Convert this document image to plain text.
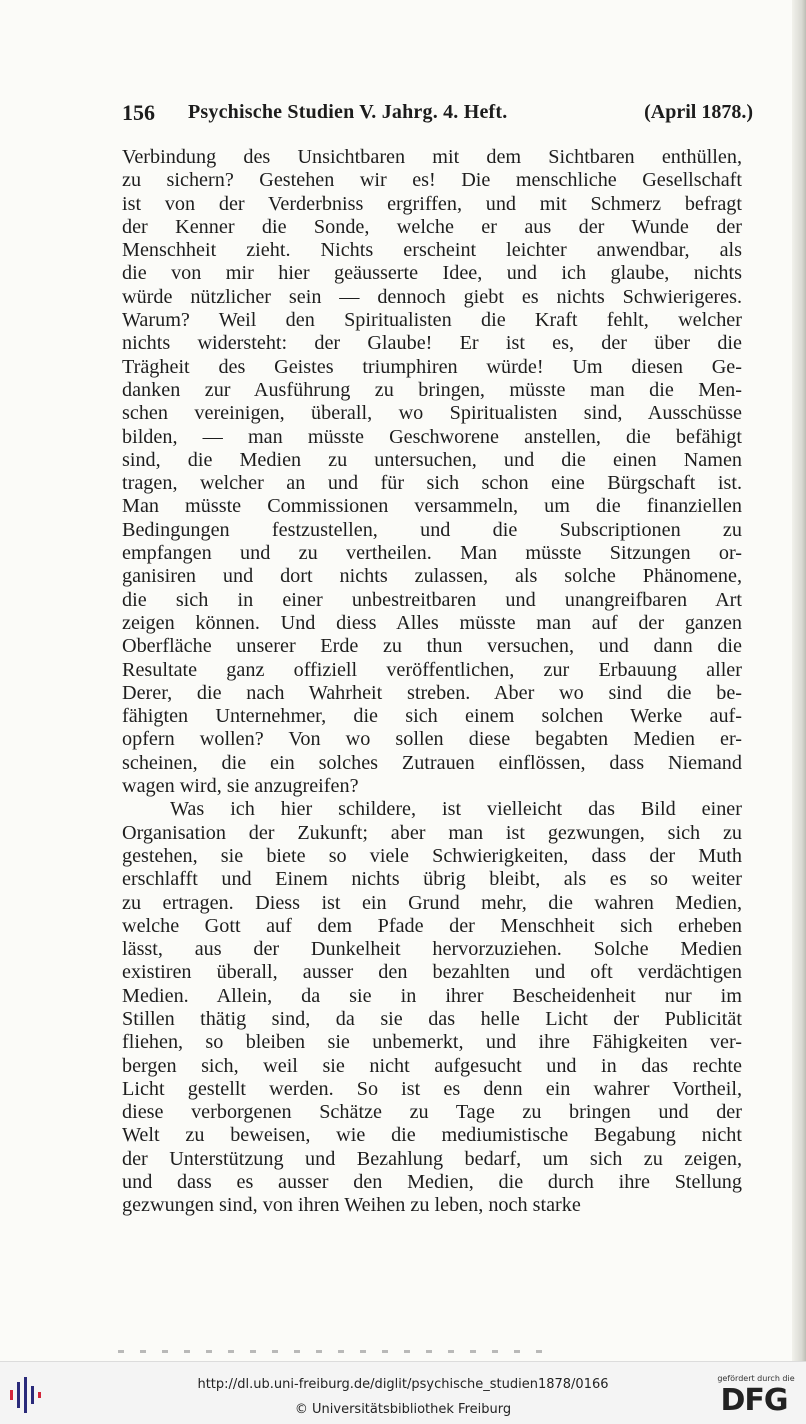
156 Psychische Studien V. Jahrg. 4. Heft.	(April 1878.)
Verbindung des Unsichtbaren mit dem Sichtbaren enthüllen,
zu sichern? Gestehen wir es! Die menschliche Gesellschaft
ist von der Verderbniss ergriffen, und mit Schmerz befragt
der Kenner die Sonde, welche er aus der Wunde der
Menschheit zieht. Nichts erscheint leichter anwendbar, als
die von mir hier geäusserte Idee, und ich glaube, nichts
würde nützlicher sein — dennoch giebt es nichts Schwierigeres.
Warum? Weil den Spiritualisten die Kraft fehlt, welcher
nichts widersteht: der Glaube! Er ist es, der über die
Trägheit des Geistes triumphiren würde! Um diesen Ge-
danken zur Ausführung zu bringen, müsste man die Men-
schen vereinigen, überall, wo Spiritualisten sind, Ausschüsse
bilden, — man müsste Geschworene anstellen, die befähigt
sind, die Medien zu untersuchen, und die einen Namen
tragen, welcher an und für sich schon eine Bürgschaft ist.
Man müsste Commissionen versammeln, um die finanziellen
Bedingungen festzustellen, und die Subscriptionen zu
empfangen und zu vertheilen. Man müsste Sitzungen or-
ganisiren und dort nichts zulassen, als solche Phänomene,
die sich in einer unbestreitbaren und unangreifbaren Art
zeigen können. Und diess Alles müsste man auf der ganzen
Oberfläche unserer Erde zu thun versuchen, und dann die
Resultate ganz offiziell veröffentlichen, zur Erbauung aller
Derer, die nach Wahrheit streben. Aber wo sind die be-
fähigten Unternehmer, die sich einem solchen Werke auf-
opfern wollen? Von wo sollen diese begabten Medien er-
scheinen, die ein solches Zutrauen einflössen, dass Niemand
wagen wird, sie anzugreifen?
Was ich hier schildere, ist vielleicht das Bild einer
Organisation der Zukunft; aber man ist gezwungen, sich zu
gestehen, sie biete so viele Schwierigkeiten, dass der Muth
erschlafft und Einem nichts übrig bleibt, als es so weiter
zu ertragen. Diess ist ein Grund mehr, die wahren Medien,
welche Gott auf dem Pfade der Menschheit sich erheben
lässt, aus der Dunkelheit hervorzuziehen. Solche Medien
existiren überall, ausser den bezahlten und oft verdächtigen
Medien. Allein, da sie in ihrer Bescheidenheit nur im
Stillen thätig sind, da sie das helle Licht der Publicität
fliehen, so bleiben sie unbemerkt, und ihre Fähigkeiten ver-
bergen sich, weil sie nicht aufgesucht und in das rechte
Licht gestellt werden. So ist es denn ein wahrer Vortheil,
diese verborgenen Schätze zu Tage zu bringen und der
Welt zu beweisen, wie die mediumistische Begabung nicht
der Unterstützung und Bezahlung bedarf, um sich zu zeigen,
und dass es ausser den Medien, die durch ihre Stellung
gezwungen sind, von ihren Weihen zu leben, noch starke
http://dl.ub.uni-freiburg.de/diglit/psychische_studien1878/0166
© Universitätsbibliothek Freiburg
gefördert durch die
DFG
